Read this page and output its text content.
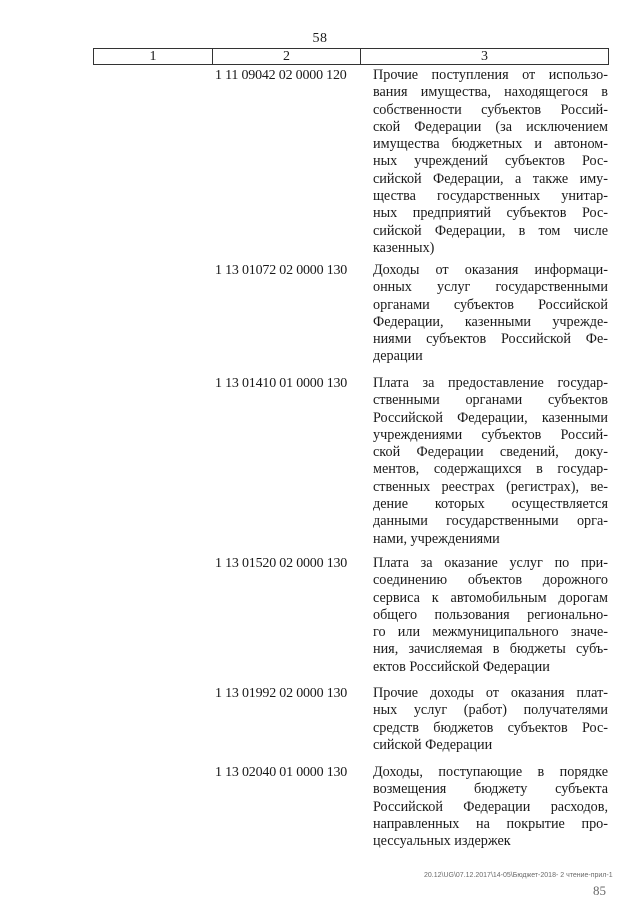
58
1	2	3
1 11 09042 02 0000 120 Прочие поступления от использо-
вания имущества, находящегося в
собственности субъектов Россий-
ской Федерации (за исключением
имущества бюджетных и автоном-
ных учреждений субъектов Рос-
сийской Федерации, а также иму-
щества государственных унитар-
ных предприятий субъектов Рос-
сийской Федерации, в том числе
казенных)
1 13 01072 02 0000 130 Доходы от оказания информаци-
онных услуг государственными
органами субъектов Российской
Федерации, казенными учрежде-
ниями субъектов Российской Фе-
дерации
1 13 01410 01 0000 130 Плата за предоставление государ-
ственными органами субъектов
Российской Федерации, казенными
учреждениями субъектов Россий-
ской Федерации сведений, доку-
ментов, содержащихся в государ-
ственных реестрах (регистрах), ве-
дение которых осуществляется
данными государственными орга-
нами, учреждениями
1 13 01520 02 0000 130 Плата за оказание услуг по при-
соединению объектов дорожного
сервиса к автомобильным дорогам
общего пользования регионально-
го или межмуниципального значе-
ния, зачисляемая в бюджеты субъ-
ектов Российской Федерации
1 13 01992 02 0000 130 Прочие доходы от оказания плат-
ных услуг (работ) получателями
средств бюджетов субъектов Рос-
сийской Федерации
1 13 02040 01 0000 130 Доходы, поступающие в порядке
возмещения бюджету субъекта
Российской Федерации расходов,
направленных на покрытие про-
цессуальных издержек
20.12\UG\07.12.2017\14-05\Бюджет-2018- 2 чтение-прил-1
85
